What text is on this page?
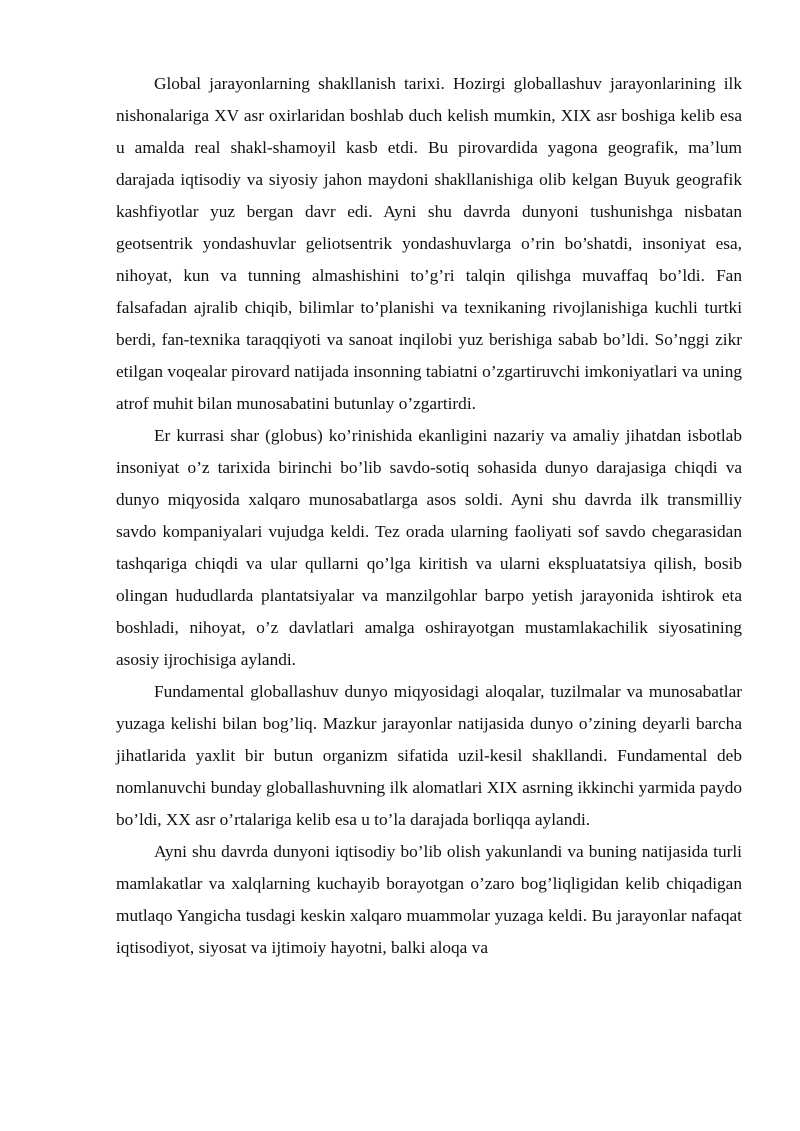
Global jarayonlarning shakllanish tarixi. Hozirgi globallashuv jarayonlarining ilk nishonalariga XV asr oxirlaridan boshlab duch kelish mumkin, XIX asr boshiga kelib esa u amalda real shakl-shamoyil kasb etdi. Bu pirovardida yagona geografik, maʼlum darajada iqtisodiy va siyosiy jahon maydoni shakllanishiga olib kelgan Buyuk geografik kashfiyotlar yuz bergan davr edi. Ayni shu davrda dunyoni tushunishga nisbatan geotsentrik yondashuvlar geliotsentrik yondashuvlarga o’rin bo’shatdi, insoniyat esa, nihoyat, kun va tunning almashishini to’g’ri talqin qilishga muvaffaq bo’ldi. Fan falsafadan ajralib chiqib, bilimlar to’planishi va texnikaning rivojlanishiga kuchli turtki berdi, fan-texnika taraqqiyoti va sanoat inqilobi yuz berishiga sabab bo’ldi. So’nggi zikr etilgan voqealar pirovard natijada insonning tabiatni o’zgartiruvchi imkoniyatlari va uning atrof muhit bilan munosabatini butunlay o’zgartirdi.

Er kurrasi shar (globus) ko’rinishida ekanligini nazariy va amaliy jihatdan isbotlab insoniyat o’z tarixida birinchi bo’lib savdo-sotiq sohasida dunyo darajasiga chiqdi va dunyo miqyosida xalqaro munosabatlarga asos soldi. Ayni shu davrda ilk transmilliy savdo kompaniyalari vujudga keldi. Tez orada ularning faoliyati sof savdo chegarasidan tashqariga chiqdi va ular qullarni qo’lga kiritish va ularni ekspluatatsiya qilish, bosib olingan hududlarda plantatsiyalar va manzilgohlar barpo yetish jarayonida ishtirok eta boshladi, nihoyat, o’z davlatlari amalga oshirayotgan mustamlakachilik siyosatining asosiy ijrochisiga aylandi.

Fundamental globallashuv dunyo miqyosidagi aloqalar, tuzilmalar va munosabatlar yuzaga kelishi bilan bog’liq. Mazkur jarayonlar natijasida dunyo o’zining deyarli barcha jihatlarida yaxlit bir butun organizm sifatida uzil-kesil shakllandi. Fundamental deb nomlanuvchi bunday globallashuvning ilk alomatlari XIX asrning ikkinchi yarmida paydo bo’ldi, XX asr o’rtalariga kelib esa u to’la darajada borliqqa aylandi.

Ayni shu davrda dunyoni iqtisodiy bo’lib olish yakunlandi va buning natijasida turli mamlakatlar va xalqlarning kuchayib borayotgan o’zaro bog’liqligidan kelib chiqadigan mutlaqo Yangicha tusdagi keskin xalqaro muammolar yuzaga keldi. Bu jarayonlar nafaqat iqtisodiyot, siyosat va ijtimoiy hayotni, balki aloqa va
